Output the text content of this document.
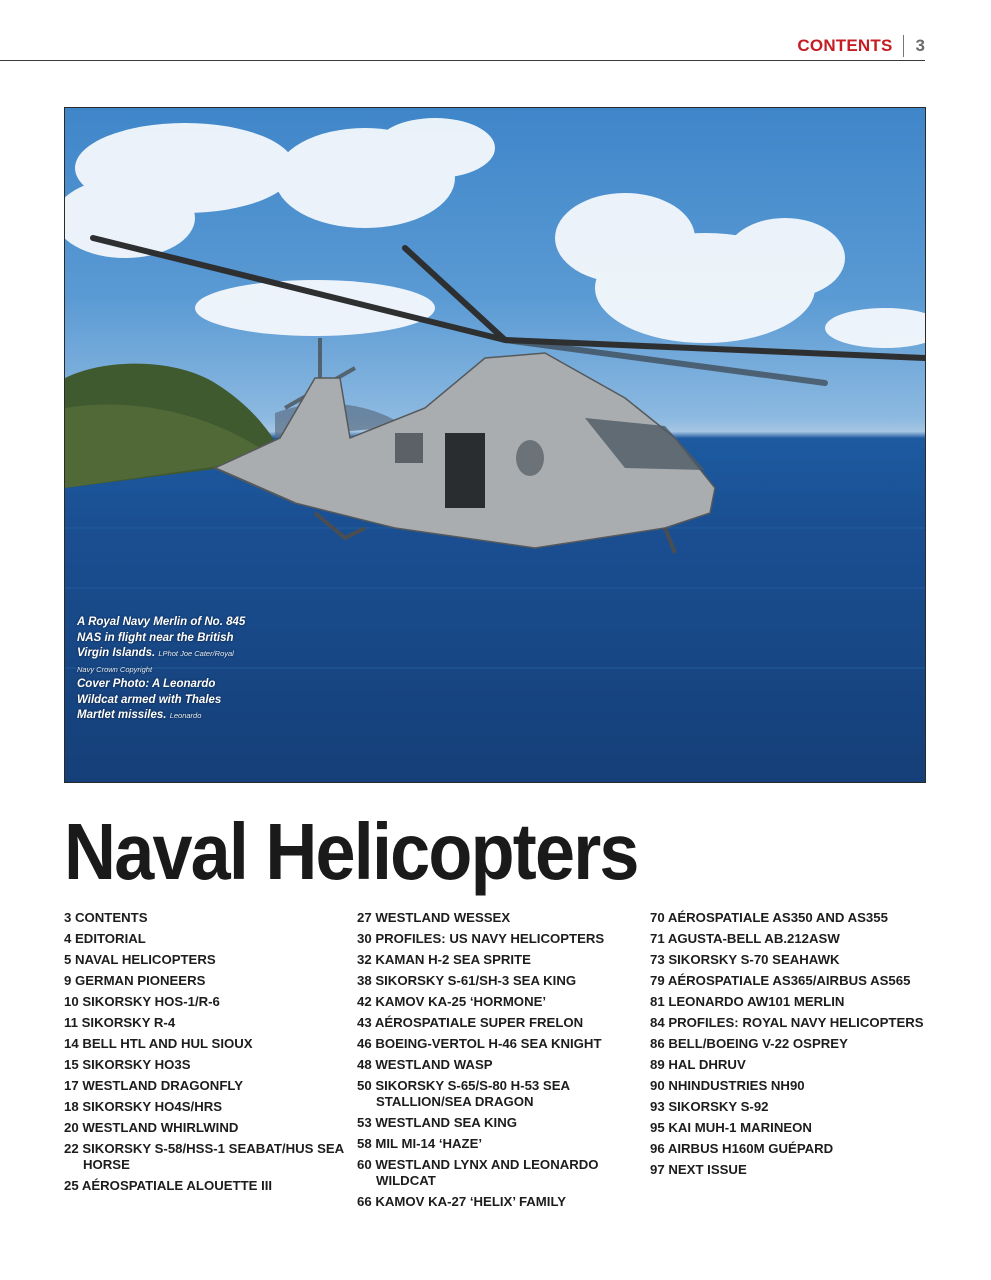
CONTENTS 3
A Royal Navy Merlin of No. 845 NAS in flight near the British Virgin Islands. LPhot Joe Cater/Royal Navy Crown Copyright
Cover Photo: A Leonardo Wildcat armed with Thales Martlet missiles. Leonardo
Naval Helicopters
3 CONTENTS
4 EDITORIAL
5 NAVAL HELICOPTERS
9 GERMAN PIONEERS
10 SIKORSKY HOS-1/R-6
11 SIKORSKY R-4
14 BELL HTL AND HUL SIOUX
15 SIKORSKY HO3S
17 WESTLAND DRAGONFLY
18 SIKORSKY HO4S/HRS
20 WESTLAND WHIRLWIND
22 SIKORSKY S-58/HSS-1 SEABAT/HUS SEA HORSE
25 AÉROSPATIALE ALOUETTE III
27 WESTLAND WESSEX
30 PROFILES: US NAVY HELICOPTERS
32 KAMAN H-2 SEA SPRITE
38 SIKORSKY S-61/SH-3 SEA KING
42 KAMOV KA-25 ‘HORMONE’
43 AÉROSPATIALE SUPER FRELON
46 BOEING-VERTOL H-46 SEA KNIGHT
48 WESTLAND WASP
50 SIKORSKY S-65/S-80 H-53 SEA STALLION/SEA DRAGON
53 WESTLAND SEA KING
58 MIL MI-14 ‘HAZE’
60 WESTLAND LYNX AND LEONARDO WILDCAT
66 KAMOV KA-27 ‘HELIX’ FAMILY
70 AÉROSPATIALE AS350 AND AS355
71 AGUSTA-BELL AB.212ASW
73 SIKORSKY S-70 SEAHAWK
79 AÉROSPATIALE AS365/AIRBUS AS565
81 LEONARDO AW101 MERLIN
84 PROFILES: ROYAL NAVY HELICOPTERS
86 BELL/BOEING V-22 OSPREY
89 HAL DHRUV
90 NHINDUSTRIES NH90
93 SIKORSKY S-92
95 KAI MUH-1 MARINEON
96 AIRBUS H160M GUÉPARD
97 NEXT ISSUE
